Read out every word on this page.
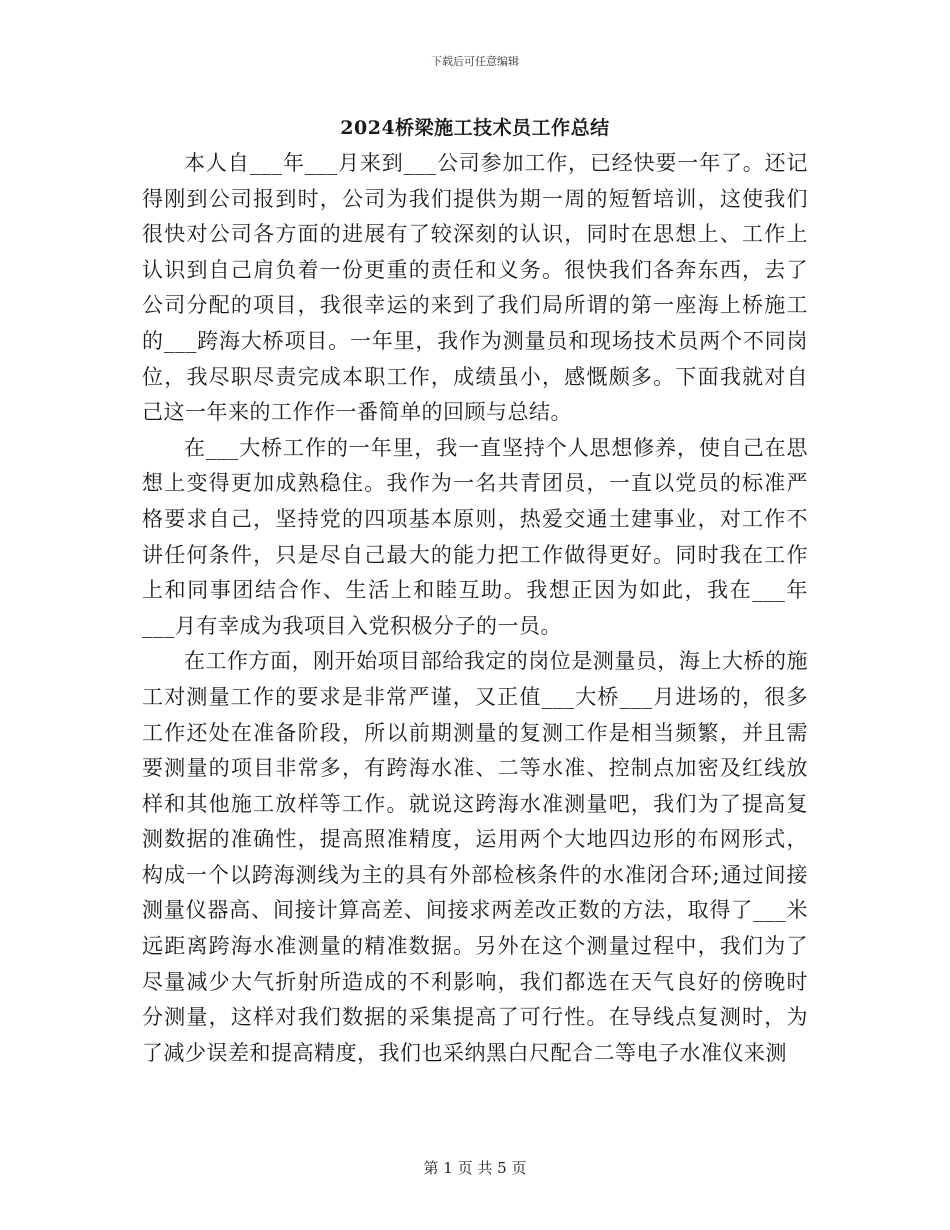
下载后可任意编辑
2024桥梁施工技术员工作总结

本人自___年___月来到___公司参加工作，已经快要一年了。还记得刚到公司报到时，公司为我们提供为期一周的短暂培训，这使我们很快对公司各方面的进展有了较深刻的认识，同时在思想上、工作上认识到自己肩负着一份更重的责任和义务。很快我们各奔东西，去了公司分配的项目，我很幸运的来到了我们局所谓的第一座海上桥施工的___跨海大桥项目。一年里，我作为测量员和现场技术员两个不同岗位，我尽职尽责完成本职工作，成绩虽小，感慨颇多。下面我就对自己这一年来的工作作一番简单的回顾与总结。

在___大桥工作的一年里，我一直坚持个人思想修养，使自己在思想上变得更加成熟稳住。我作为一名共青团员，一直以党员的标准严格要求自己，坚持党的四项基本原则，热爱交通土建事业，对工作不讲任何条件，只是尽自己最大的能力把工作做得更好。同时我在工作上和同事团结合作、生活上和睦互助。我想正因为如此，我在___年___月有幸成为我项目入党积极分子的一员。

在工作方面，刚开始项目部给我定的岗位是测量员，海上大桥的施工对测量工作的要求是非常严谨，又正值___大桥___月进场的，很多工作还处在准备阶段，所以前期测量的复测工作是相当频繁，并且需要测量的项目非常多，有跨海水准、二等水准、控制点加密及红线放样和其他施工放样等工作。就说这跨海水准测量吧，我们为了提高复测数据的准确性，提高照准精度，运用两个大地四边形的布网形式，构成一个以跨海测线为主的具有外部检核条件的水准闭合环;通过间接测量仪器高、间接计算高差、间接求两差改正数的方法，取得了___米远距离跨海水准测量的精准数据。另外在这个测量过程中，我们为了尽量减少大气折射所造成的不利影响，我们都选在天气良好的傍晚时分测量，这样对我们数据的采集提高了可行性。在导线点复测时，为了减少误差和提高精度，我们也采纳黑白尺配合二等电子水准仪来测

第 1 页 共 5 页
